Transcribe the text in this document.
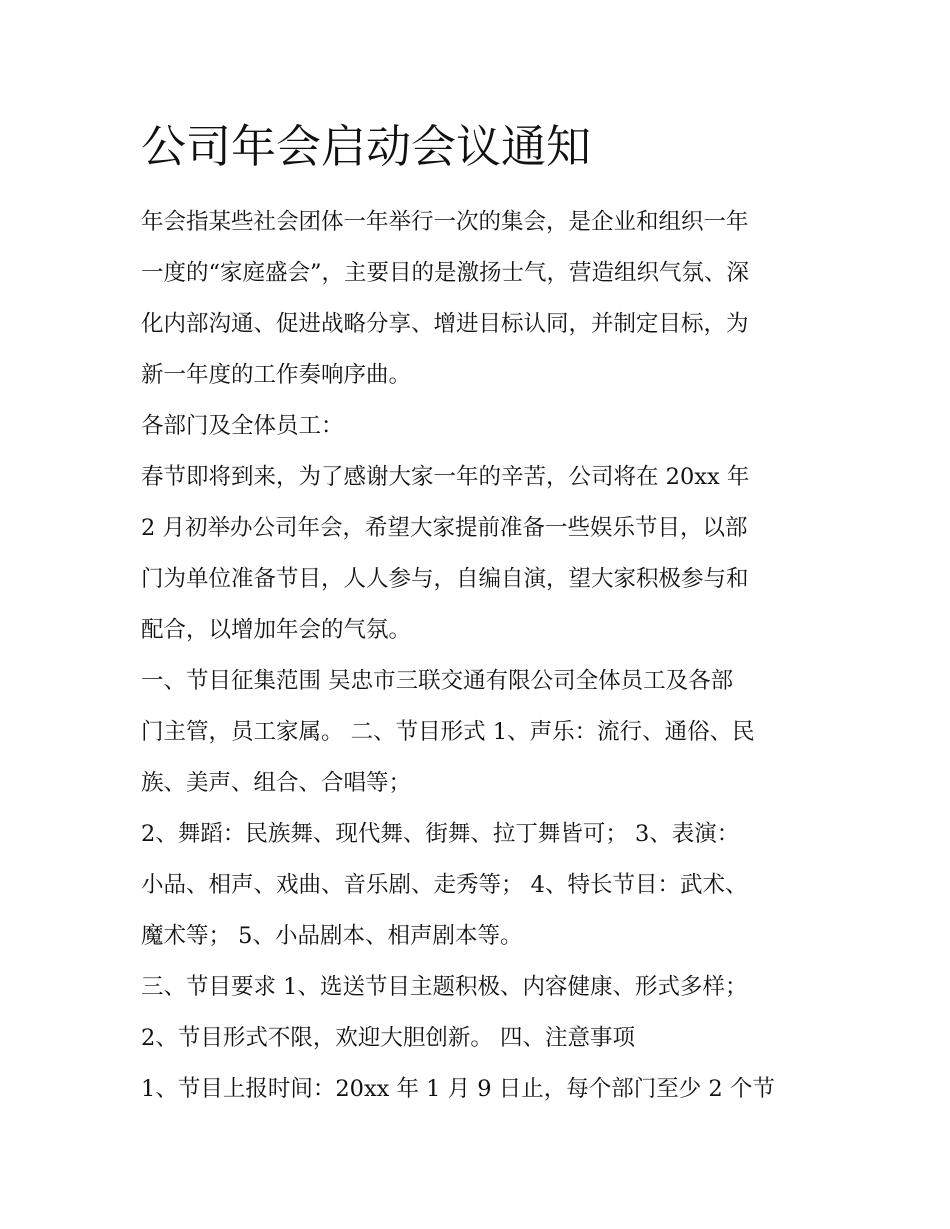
公司年会启动会议通知
年会指某些社会团体一年举行一次的集会，是企业和组织一年
一度的“家庭盛会”，主要目的是激扬士气，营造组织气氛、深
化内部沟通、促进战略分享、增进目标认同，并制定目标，为
新一年度的工作奏响序曲。
各部门及全体员工：
春节即将到来，为了感谢大家一年的辛苦，公司将在 20xx 年
2 月初举办公司年会，希望大家提前准备一些娱乐节目，以部
门为单位准备节目，人人参与，自编自演，望大家积极参与和
配合，以增加年会的气氛。
一、节目征集范围 吴忠市三联交通有限公司全体员工及各部
门主管，员工家属。 二、节目形式 1、声乐：流行、通俗、民
族、美声、组合、合唱等；
2、舞蹈：民族舞、现代舞、街舞、拉丁舞皆可； 3、表演：
小品、相声、戏曲、音乐剧、走秀等； 4、特长节目：武术、
魔术等； 5、小品剧本、相声剧本等。
三、节目要求 1、选送节目主题积极、内容健康、形式多样；
2、节目形式不限，欢迎大胆创新。 四、注意事项
1、节目上报时间：20xx 年 1 月 9 日止，每个部门至少 2 个节
